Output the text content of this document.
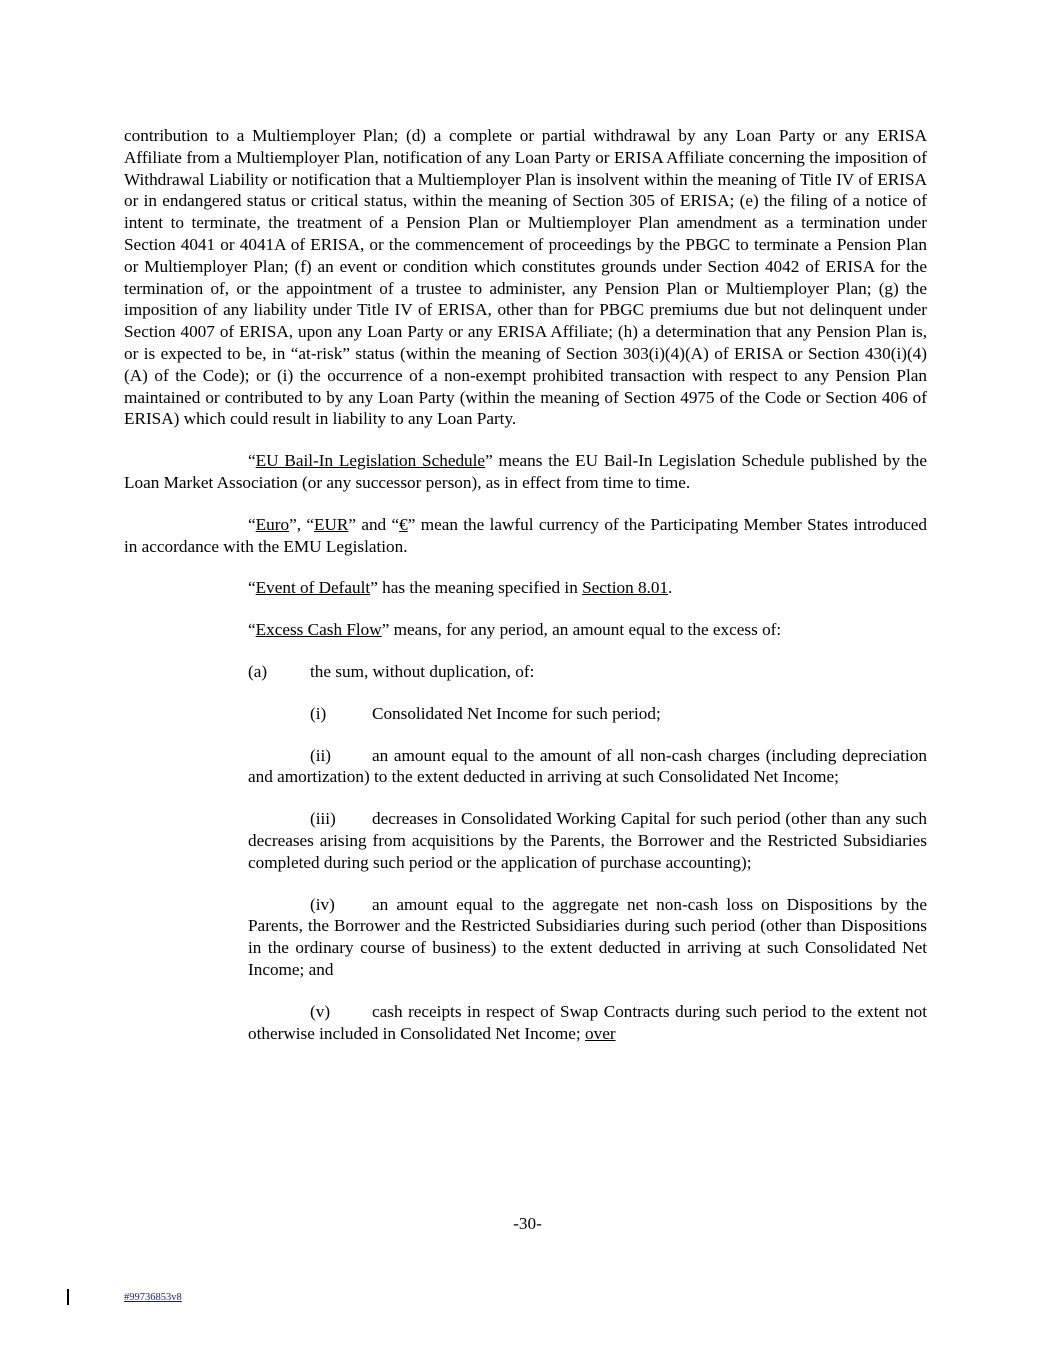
contribution to a Multiemployer Plan; (d) a complete or partial withdrawal by any Loan Party or any ERISA Affiliate from a Multiemployer Plan, notification of any Loan Party or ERISA Affiliate concerning the imposition of Withdrawal Liability or notification that a Multiemployer Plan is insolvent within the meaning of Title IV of ERISA or in endangered status or critical status, within the meaning of Section 305 of ERISA; (e) the filing of a notice of intent to terminate, the treatment of a Pension Plan or Multiemployer Plan amendment as a termination under Section 4041 or 4041A of ERISA, or the commencement of proceedings by the PBGC to terminate a Pension Plan or Multiemployer Plan; (f) an event or condition which constitutes grounds under Section 4042 of ERISA for the termination of, or the appointment of a trustee to administer, any Pension Plan or Multiemployer Plan; (g) the imposition of any liability under Title IV of ERISA, other than for PBGC premiums due but not delinquent under Section 4007 of ERISA, upon any Loan Party or any ERISA Affiliate; (h) a determination that any Pension Plan is, or is expected to be, in “at-risk” status (within the meaning of Section 303(i)(4)(A) of ERISA or Section 430(i)(4)(A) of the Code); or (i) the occurrence of a non-exempt prohibited transaction with respect to any Pension Plan maintained or contributed to by any Loan Party (within the meaning of Section 4975 of the Code or Section 406 of ERISA) which could result in liability to any Loan Party.

“EU Bail-In Legislation Schedule” means the EU Bail-In Legislation Schedule published by the Loan Market Association (or any successor person), as in effect from time to time.

“Euro”, “EUR” and “€” mean the lawful currency of the Participating Member States introduced in accordance with the EMU Legislation.

“Event of Default” has the meaning specified in Section 8.01.

“Excess Cash Flow” means, for any period, an amount equal to the excess of:

(a)	the sum, without duplication, of:
(i)	Consolidated Net Income for such period;

(ii) an amount equal to the amount of all non-cash charges (including depreciation and amortization) to the extent deducted in arriving at such Consolidated Net Income;

(iii) decreases in Consolidated Working Capital for such period (other than any such decreases arising from acquisitions by the Parents, the Borrower and the Restricted Subsidiaries completed during such period or the application of purchase accounting);

(iv) an amount equal to the aggregate net non-cash loss on Dispositions by the Parents, the Borrower and the Restricted Subsidiaries during such period (other than Dispositions in the ordinary course of business) to the extent deducted in arriving at such Consolidated Net Income; and

(v) cash receipts in respect of Swap Contracts during such period to the extent not otherwise included in Consolidated Net Income; over

-30-
#99736853v8
